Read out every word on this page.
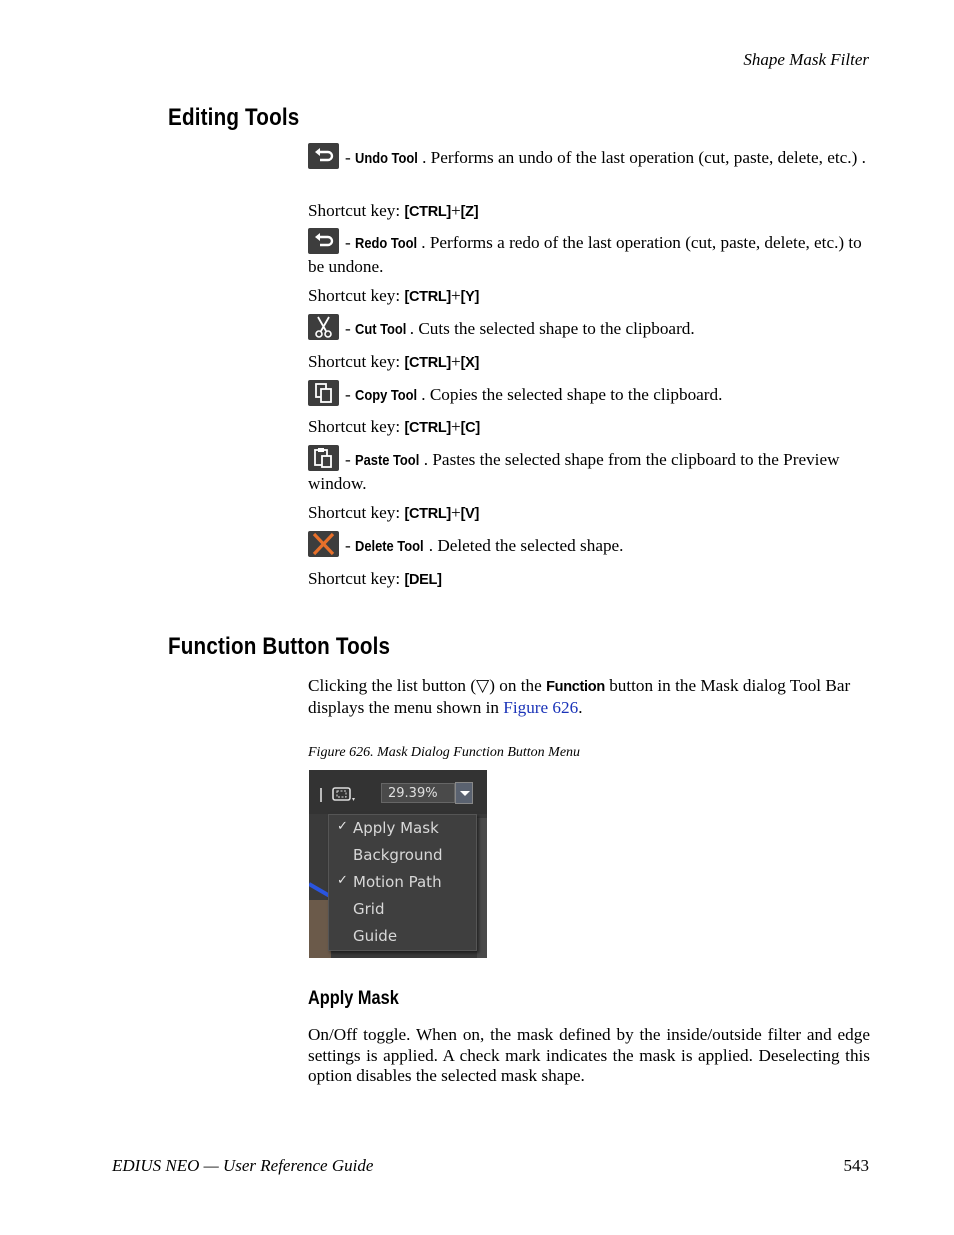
Shape Mask Filter
Editing Tools
- Undo Tool . Performs an undo of the last operation (cut, paste, delete, etc.) .
Shortcut key: [CTRL]+[Z]
- Redo Tool . Performs a redo of the last operation (cut, paste, delete, etc.) to be undone.
Shortcut key: [CTRL]+[Y]
- Cut Tool . Cuts the selected shape to the clipboard.
Shortcut key: [CTRL]+[X]
- Copy Tool . Copies the selected shape to the clipboard.
Shortcut key: [CTRL]+[C]
- Paste Tool . Pastes the selected shape from the clipboard to the Preview window.
Shortcut key: [CTRL]+[V]
- Delete Tool . Deleted the selected shape.
Shortcut key: [DEL]
Function Button Tools
Clicking the list button (▽) on the Function button in the Mask dialog Tool Bar displays the menu shown in Figure 626.
Figure 626. Mask Dialog Function Button Menu
29.39%
✓ Apply Mask
Background
✓ Motion Path
Grid
Guide
Apply Mask
On/Off toggle. When on, the mask defined by the inside/outside filter and edge settings is applied. A check mark indicates the mask is applied. Deselecting this option disables the selected mask shape.
EDIUS NEO — User Reference Guide	543
